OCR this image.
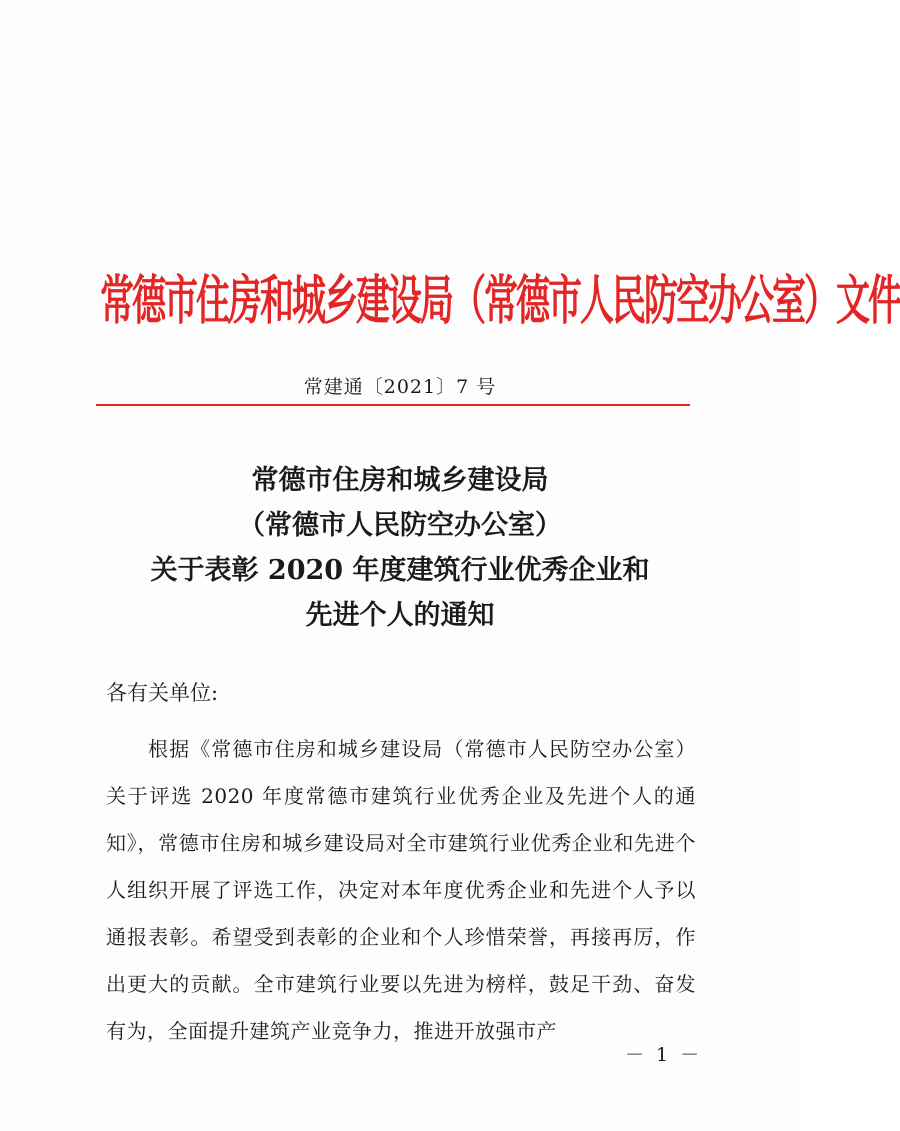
常德市住房和城乡建设局（常德市人民防空办公室）文件
常建通〔2021〕7 号
常德市住房和城乡建设局
（常德市人民防空办公室）
关于表彰 2020 年度建筑行业优秀企业和
先进个人的通知
各有关单位:
根据《常德市住房和城乡建设局（常德市人民防空办公室）关于评选 2020 年度常德市建筑行业优秀企业及先进个人的通知》，常德市住房和城乡建设局对全市建筑行业优秀企业和先进个人组织开展了评选工作，决定对本年度优秀企业和先进个人予以通报表彰。希望受到表彰的企业和个人珍惜荣誉，再接再厉，作出更大的贡献。全市建筑行业要以先进为榜样，鼓足干劲、奋发有为，全面提升建筑产业竞争力，推进开放强市产
－ 1 －
